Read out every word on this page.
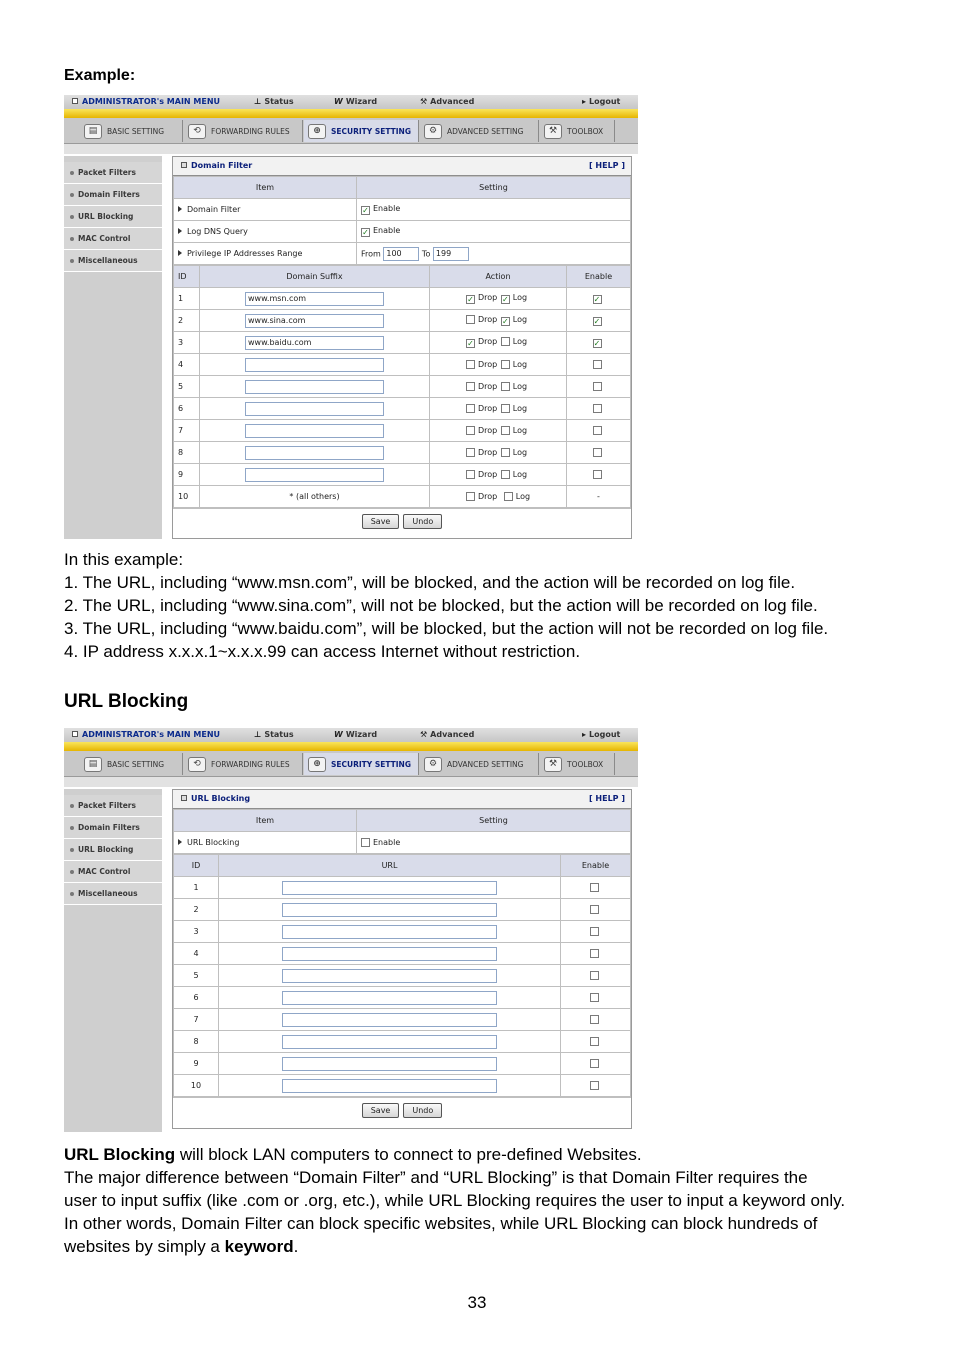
Example:
ADMINISTRATOR's MAIN MENU	⊥ Status	W Wizard	⚒ Advanced	▸ Logout
▤	BASIC SETTING	⟲	FORWARDING RULES	⊕	SECURITY SETTING	⚙	ADVANCED SETTING	⚒	TOOLBOX
Packet Filters
Domain Filters
URL Blocking
MAC Control
Miscellaneous
Domain Filter	[ HELP ]
Item	Setting
Domain Filter	✓ Enable
Log DNS Query	✓ Enable
Privilege IP Addresses Range	From 100 To 199
ID	Domain Suffix	Action	Enable
1	www.msn.com	✓ Drop ✓ Log	✓
2	www.sina.com	Drop ✓ Log	✓
3	www.baidu.com	✓ Drop Log	✓
4		Drop Log	
5		Drop Log	
6		Drop Log	
7		Drop Log	
8		Drop Log	
9		Drop Log	
10	* (all others)	Drop Log	-
Save	Undo
In this example:
1. The URL, including “www.msn.com”, will be blocked, and the action will be recorded on log file.
2. The URL, including “www.sina.com”, will not be blocked, but the action will be recorded on log file.
3. The URL, including “www.baidu.com”, will be blocked, but the action will not be recorded on log file.
4. IP address x.x.x.1~x.x.x.99 can access Internet without restriction.
URL Blocking
ADMINISTRATOR's MAIN MENU	⊥ Status	W Wizard	⚒ Advanced	▸ Logout
▤	BASIC SETTING	⟲	FORWARDING RULES	⊕	SECURITY SETTING	⚙	ADVANCED SETTING	⚒	TOOLBOX
Packet Filters
Domain Filters
URL Blocking
MAC Control
Miscellaneous
URL Blocking	[ HELP ]
Item	Setting
URL Blocking	Enable
ID	URL	Enable
1		
2		
3		
4		
5		
6		
7		
8		
9		
10		
Save	Undo
URL Blocking will block LAN computers to connect to pre-defined Websites.
The major difference between “Domain Filter” and “URL Blocking” is that Domain Filter requires the
user to input suffix (like .com or .org, etc.), while URL Blocking requires the user to input a keyword only.
In other words, Domain Filter can block specific websites, while URL Blocking can block hundreds of
websites by simply a keyword.
33
